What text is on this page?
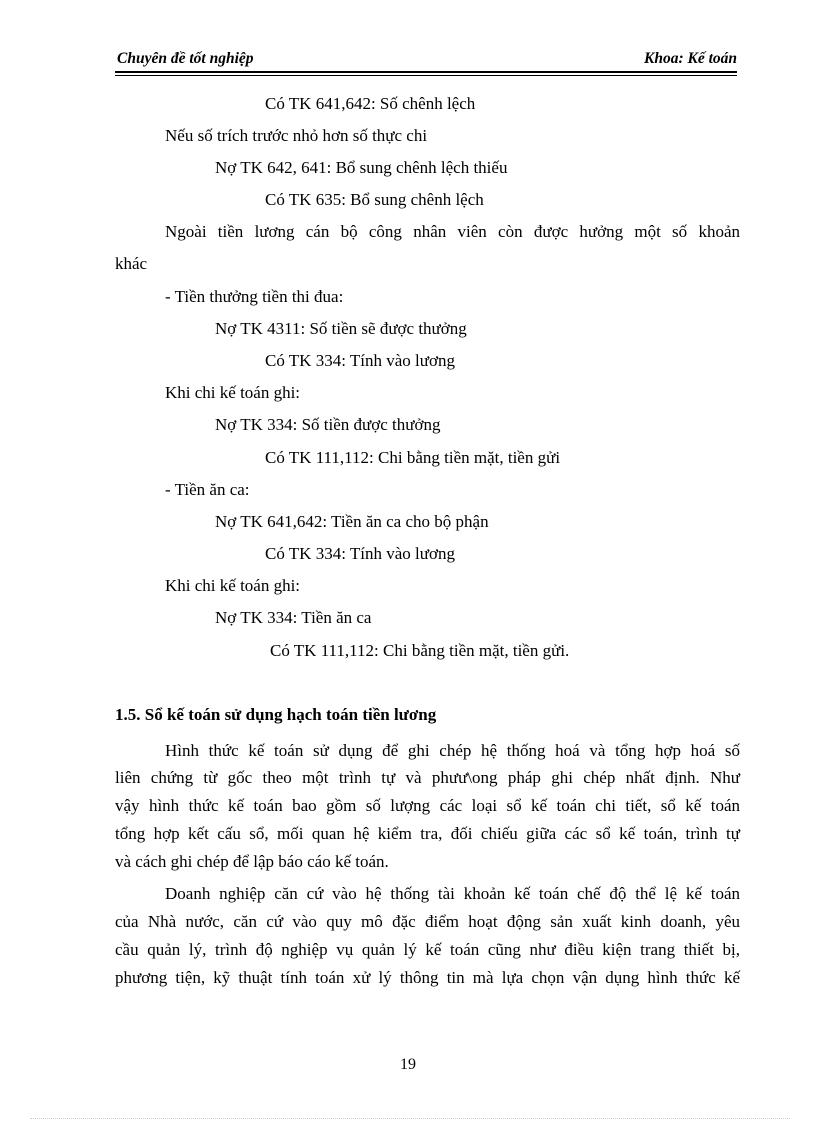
Chuyên đề tốt nghiệp	Khoa: Kế toán
Có TK 641,642: Số chênh lệch
Nếu số trích trước nhỏ hơn số thực chi
Nợ TK 642, 641: Bổ sung chênh lệch thiếu
Có TK 635: Bổ sung chênh lệch
Ngoài tiền lương cán bộ công nhân viên còn được hưởng một số khoản
khác
- Tiền thưởng tiền thi đua:
Nợ TK 4311: Số tiền sẽ được thưởng
Có TK 334: Tính vào lương
Khi chi kế toán ghi:
Nợ TK 334: Số tiền được thưởng
Có TK 111,112: Chi bằng tiền mặt, tiền gửi
- Tiền ăn ca:
Nợ TK 641,642: Tiền ăn ca cho bộ phận
Có TK 334: Tính vào lương
Khi chi kế toán ghi:
Nợ TK 334: Tiền ăn ca
Có TK 111,112: Chi bằng tiền mặt, tiền gửi.
1.5. Sổ kế toán sử dụng hạch toán tiền lương
Hình thức kế toán sử dụng để ghi chép hệ thống hoá và tổng hợp hoá số
liên chứng từ gốc theo một trình tự và phưư\ong pháp ghi chép nhất định. Như
vậy hình thức kế toán bao gồm số lượng các loại sổ kế toán chi tiết, sổ kế toán
tổng hợp kết cấu sổ, mối quan hệ kiểm tra, đối chiếu giữa các sổ kế toán, trình tự
và cách ghi chép để lập báo cáo kế toán.
Doanh nghiệp căn cứ vào hệ thống tài khoản kế toán chế độ thể lệ kế toán
của Nhà nước, căn cứ vào quy mô đặc điểm hoạt động sản xuất kinh doanh, yêu
cầu quản lý, trình độ nghiệp vụ quản lý kế toán cũng như điều kiện trang thiết bị,
phương tiện, kỹ thuật tính toán xử lý thông tin mà lựa chọn vận dụng hình thức kế
19
